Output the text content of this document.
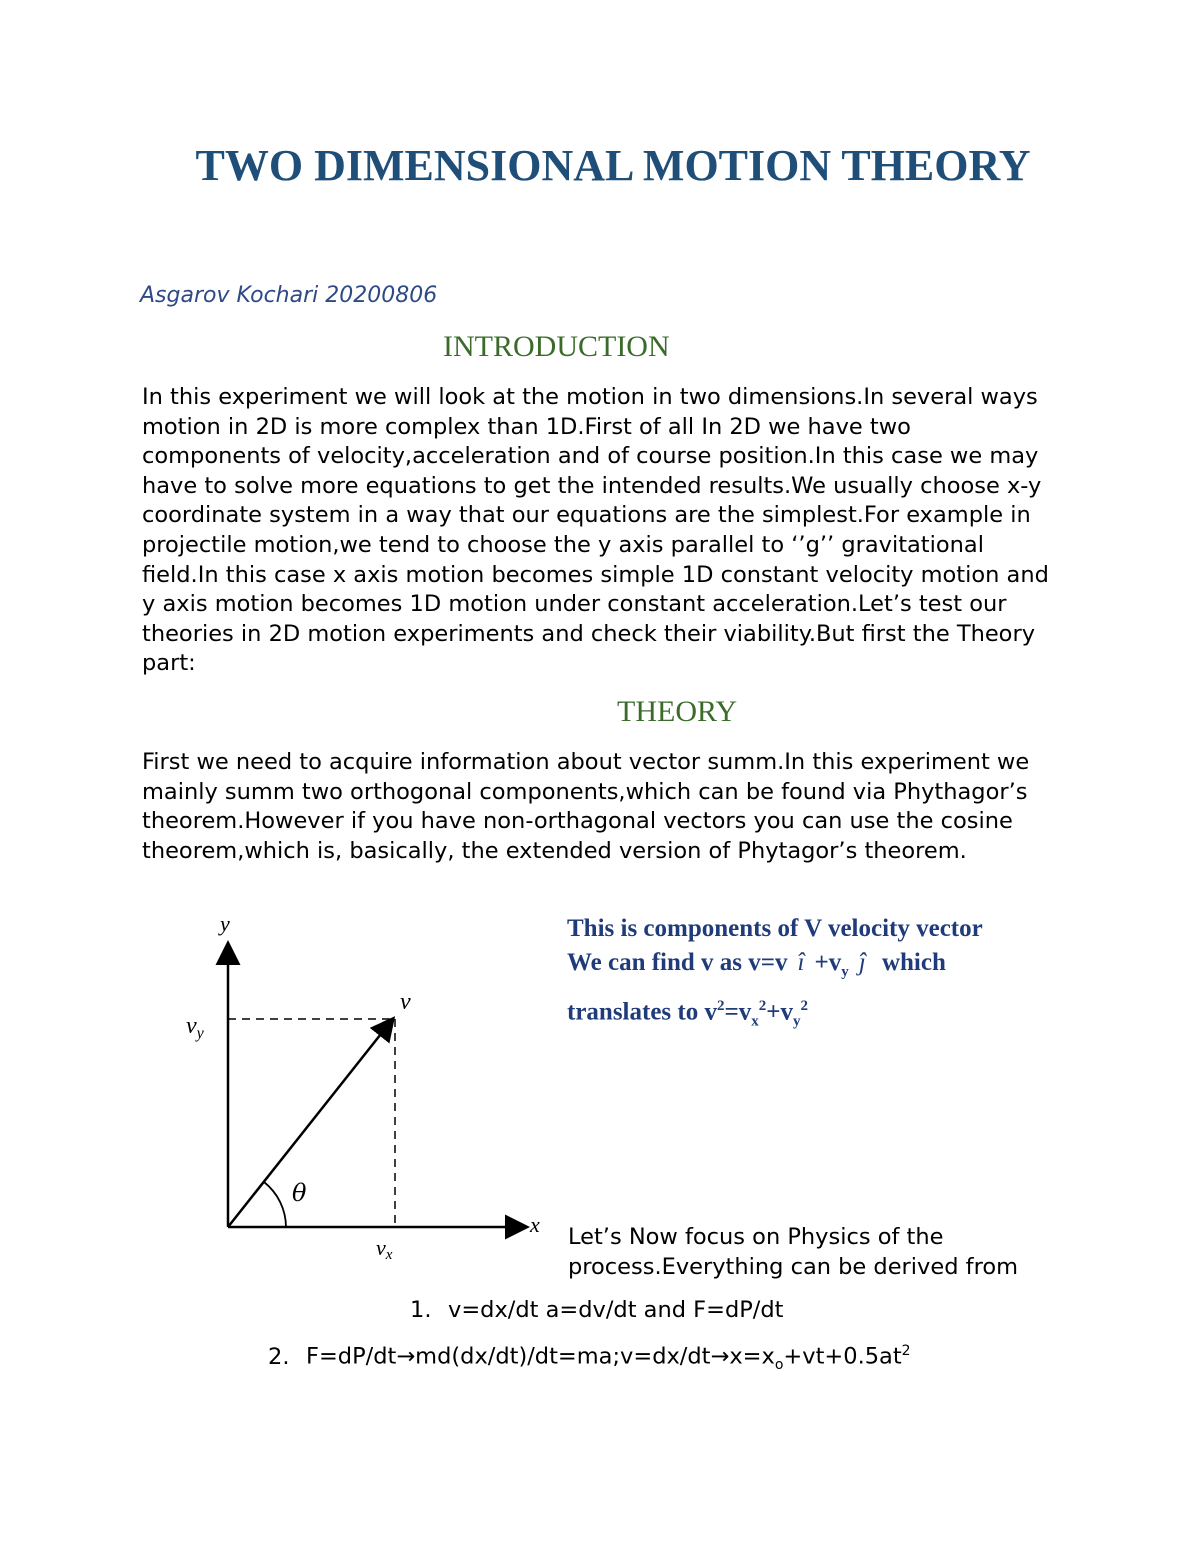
TWO DIMENSIONAL MOTION THEORY
Asgarov Kochari 20200806
INTRODUCTION

In this experiment we will look at the motion in two dimensions.In several ways motion in 2D is more complex than 1D.First of all In 2D we have two components of velocity,acceleration and of course position.In this case we may have to solve more equations to get the intended results.We usually choose x-y coordinate system in a way that our equations are the simplest.For example in projectile motion,we tend to choose the y axis parallel to ‘’g’’ gravitational field.In this case x axis motion becomes simple 1D constant velocity motion and y axis motion becomes 1D motion under constant acceleration.Let’s test our theories in 2D motion experiments and check their viability.But first the Theory part:

THEORY

First we need to acquire information about vector summ.In this experiment we mainly summ two orthogonal components,which can be found via Phythagor’s theorem.However if you have non-orthagonal vectors you can use the cosine theorem,which is, basically, the extended version of Phytagor’s theorem.

y
x
v
$v_y$
vx
θ
This is components of V velocity vector
We can find v as v=v î $+v_y$ ĵ which
translates to $v^2=v_x^2+v_y^2$

Let’s Now focus on Physics of the process.Everything can be derived from

1. v=dx/dt a=dv/dt and F=dP/dt
2. $F=dP/dt\to md(dx/dt)/dt=ma;v=dx/dt\to x=x_o+vt+0.5at^2$
